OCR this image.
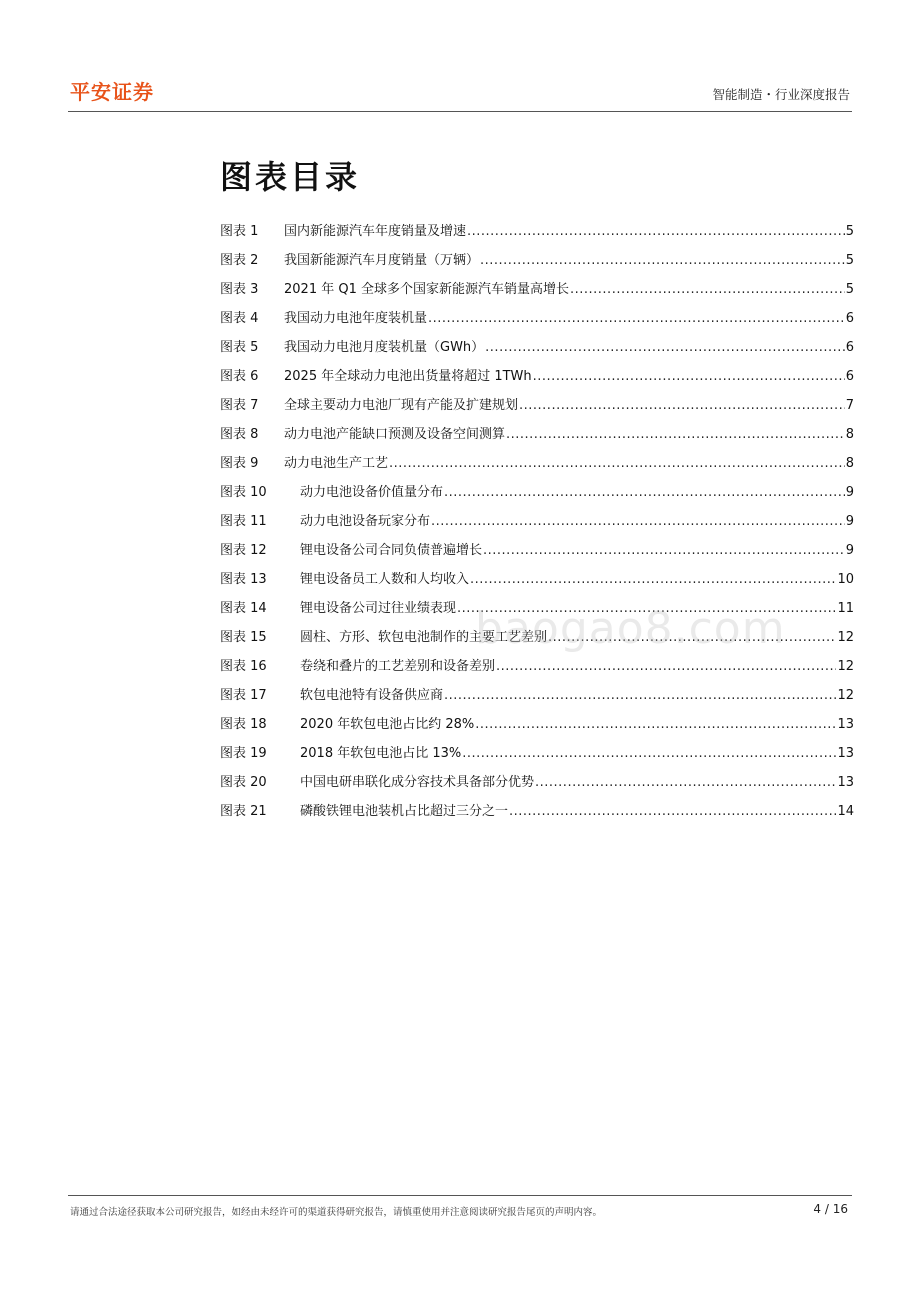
平安证券	智能制造・行业深度报告
图表目录
图表 1	国内新能源汽车年度销量及增速 .....	5
图表 2	我国新能源汽车月度销量（万辆） .....	5
图表 3	2021 年 Q1 全球多个国家新能源汽车销量高增长 .....	5
图表 4	我国动力电池年度装机量 .....	6
图表 5	我国动力电池月度装机量（GWh） .....	6
图表 6	2025 年全球动力电池出货量将超过 1TWh .....	6
图表 7	全球主要动力电池厂现有产能及扩建规划 .....	7
图表 8	动力电池产能缺口预测及设备空间测算 .....	8
图表 9	动力电池生产工艺 .....	8
图表 10	动力电池设备价值量分布 .....	9
图表 11	动力电池设备玩家分布 .....	9
图表 12	锂电设备公司合同负债普遍增长 .....	9
图表 13	锂电设备员工人数和人均收入 .....	10
图表 14	锂电设备公司过往业绩表现 .....	11
图表 15	圆柱、方形、软包电池制作的主要工艺差别 .....	12
图表 16	卷绕和叠片的工艺差别和设备差别 .....	12
图表 17	软包电池特有设备供应商 .....	12
图表 18	2020 年软包电池占比约 28% .....	13
图表 19	2018 年软包电池占比 13% .....	13
图表 20	中国电研串联化成分容技术具备部分优势 .....	13
图表 21	磷酸铁锂电池装机占比超过三分之一 .....	14
baogao8.com
请通过合法途径获取本公司研究报告，如经由未经许可的渠道获得研究报告，请慎重使用并注意阅读研究报告尾页的声明内容。	4 / 16
